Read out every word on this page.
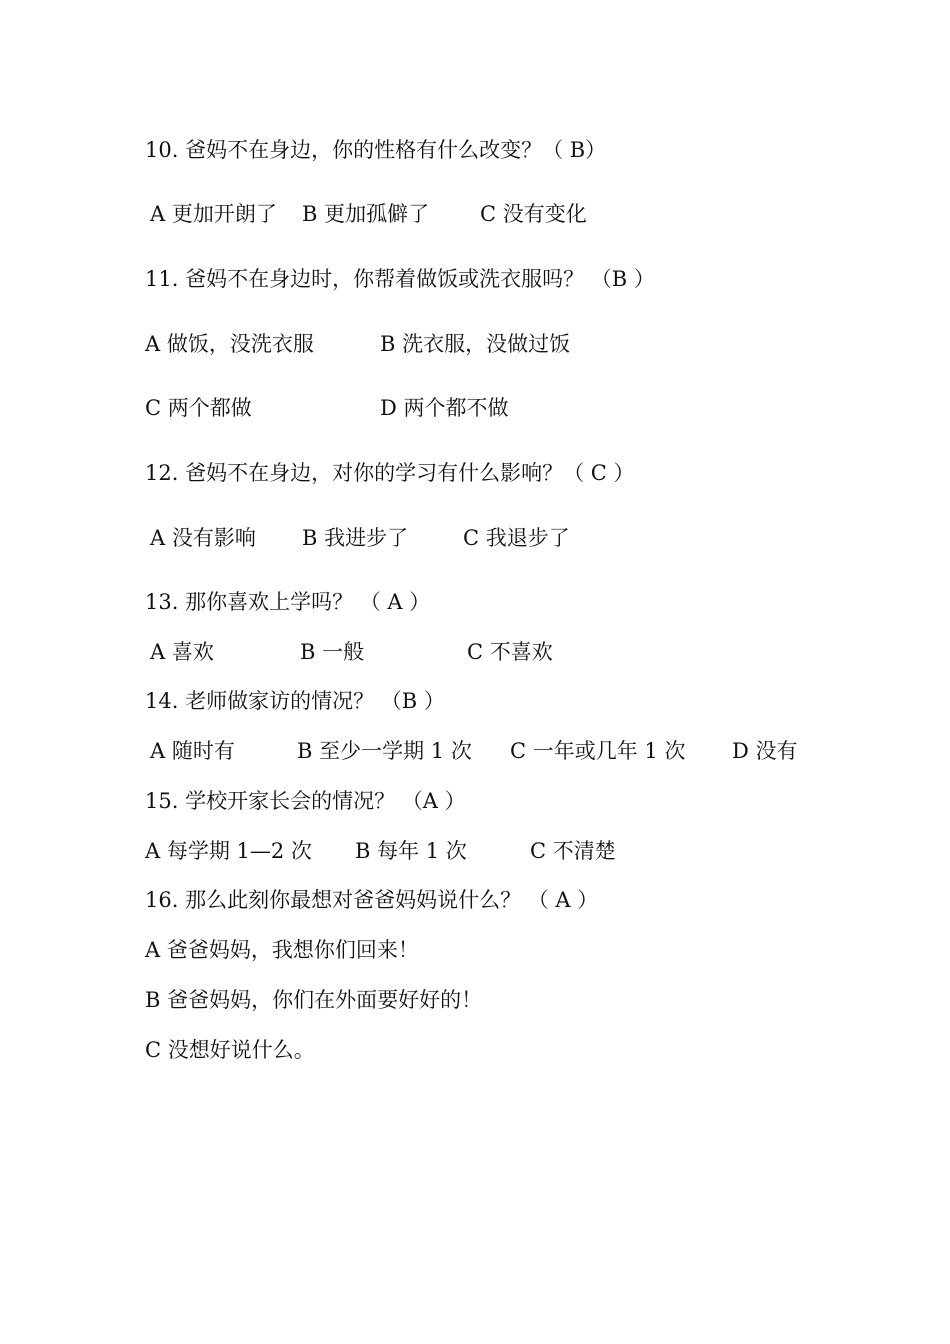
10. 爸妈不在身边，你的性格有什么改变？（ B）
A 更加开朗了 B 更加孤僻了 C 没有变化
11. 爸妈不在身边时，你帮着做饭或洗衣服吗？ （B ）
A 做饭，没洗衣服	B 洗衣服，没做过饭
C 两个都做	D 两个都不做
12. 爸妈不在身边，对你的学习有什么影响？（ C ）
A 没有影响 B 我进步了	C 我退步了
13. 那你喜欢上学吗？ （ A ）
A 喜欢	B 一般	C 不喜欢
14. 老师做家访的情况？ （B ）
A 随时有	B 至少一学期 1 次 C 一年或几年 1 次 D 没有
15. 学校开家长会的情况？ （A ）
A 每学期 1—2 次 B 每年 1 次	C 不清楚
16. 那么此刻你最想对爸爸妈妈说什么？ （ A ）
A 爸爸妈妈，我想你们回来！
B 爸爸妈妈，你们在外面要好好的！
C 没想好说什么。
